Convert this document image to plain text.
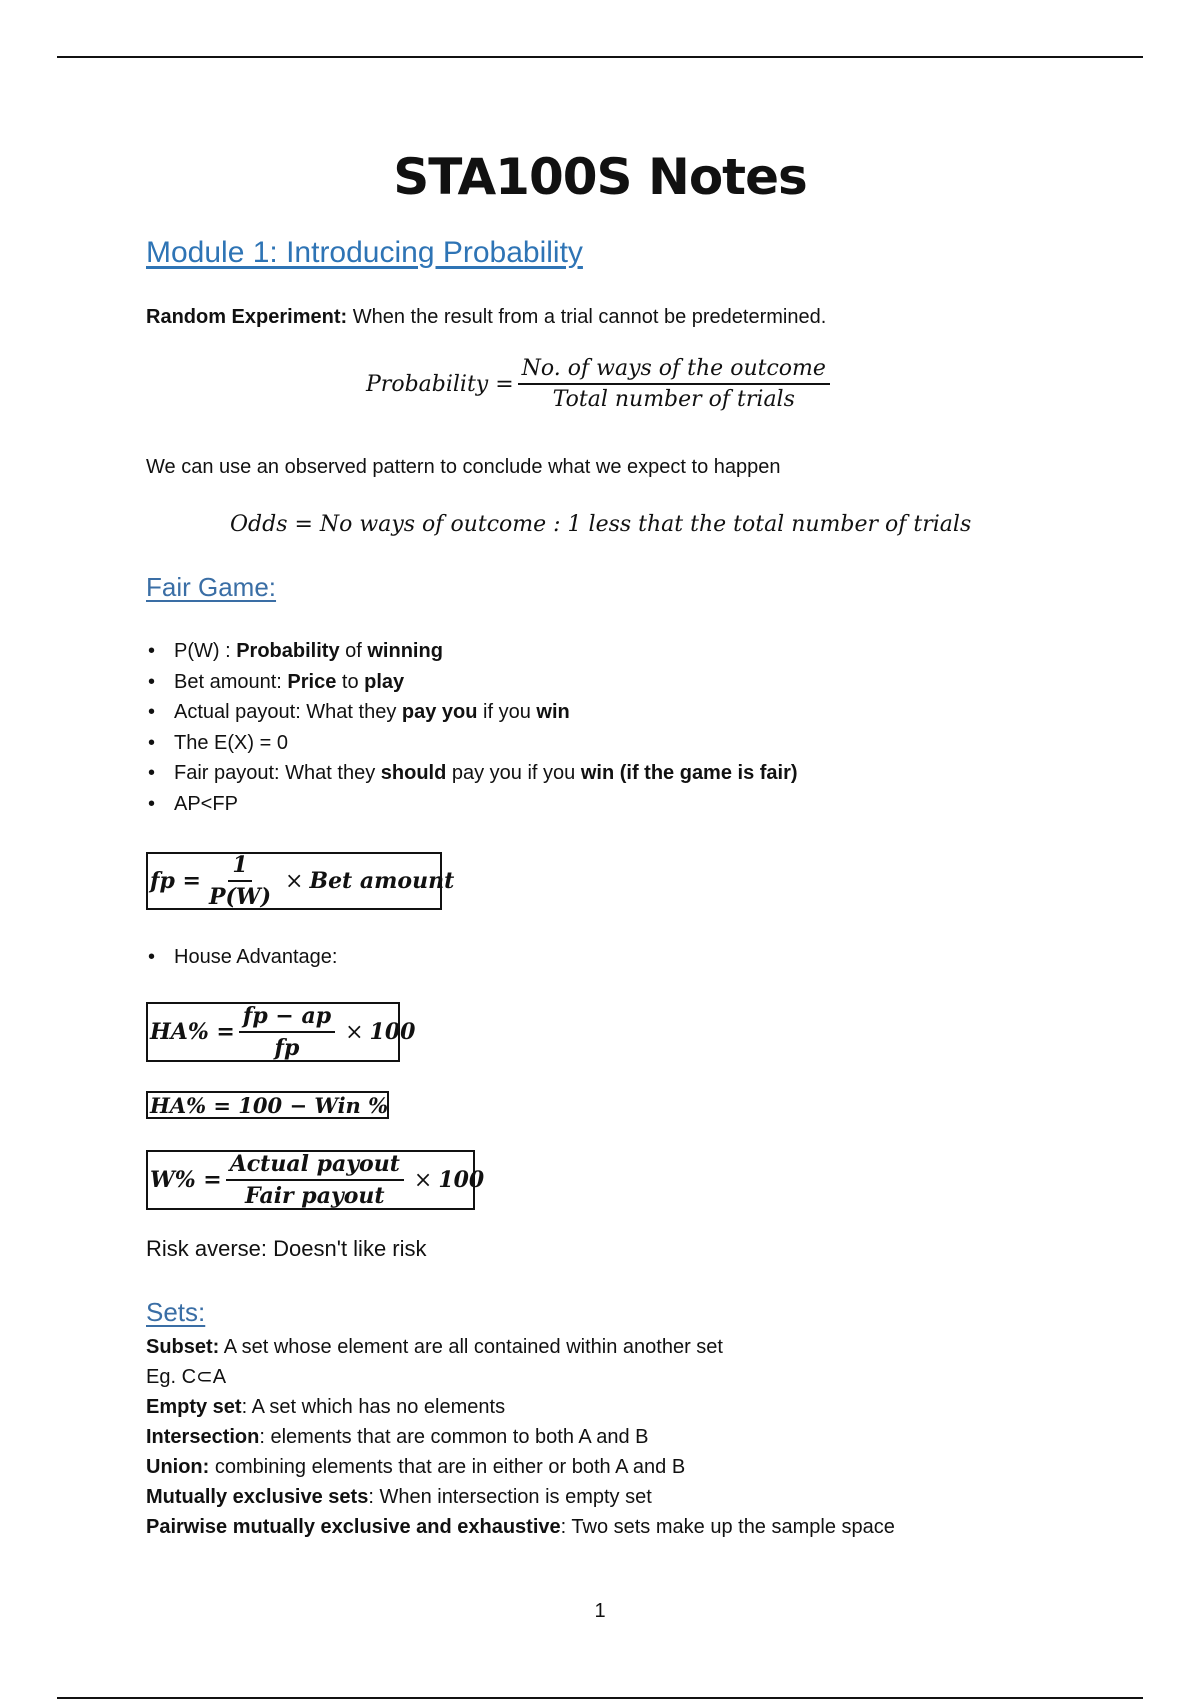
STA100S Notes
Module 1: Introducing Probability

Random Experiment: When the result from a trial cannot be predetermined.

Probability = $\frac{\text{No. of ways of the outcome}}{\text{Total number of trials}}$

We can use an observed pattern to conclude what we expect to happen

Odds = No ways of outcome : 1 less that the total number of trials
Fair Game:
• P(W) : Probability of winning
• Bet amount: Price to play
• Actual payout: What they pay you if you win
• The E(X) = 0
• Fair payout: What they should pay you if you win (if the game is fair)
• AP<FP
fp = $\frac{1}{P(W)}$ × Bet amount
• House Advantage:
$HA\% = \frac{fp - ap}{fp} \times 100$
HA% = 100 − Win %
$W\% = \frac{\text{Actual payout}}{\text{Fair payout}} \times 100$

Risk averse: Doesn't like risk

Sets:
Subset: A set whose element are all contained within another set
Eg. C⊂A
Empty set: A set which has no elements
Intersection: elements that are common to both A and B
Union: combining elements that are in either or both A and B
Mutually exclusive sets: When intersection is empty set
Pairwise mutually exclusive and exhaustive: Two sets make up the sample space
1
